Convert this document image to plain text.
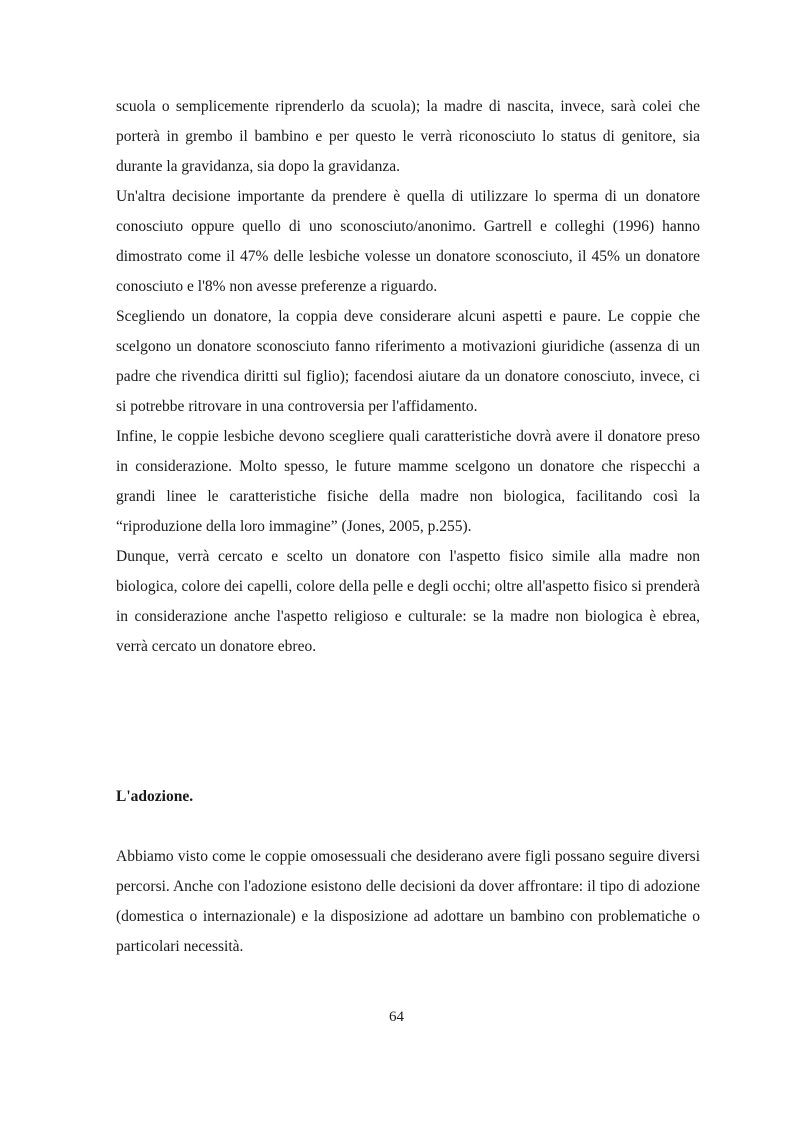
scuola o semplicemente riprenderlo da scuola); la madre di nascita, invece, sarà colei che porterà in grembo il bambino e per questo le verrà riconosciuto lo status di genitore, sia durante la gravidanza, sia dopo la gravidanza.

Un'altra decisione importante da prendere è quella di utilizzare lo sperma di un donatore conosciuto oppure quello di uno sconosciuto/anonimo. Gartrell e colleghi (1996) hanno dimostrato come il 47% delle lesbiche volesse un donatore sconosciuto, il 45% un donatore conosciuto e l'8% non avesse preferenze a riguardo.

Scegliendo un donatore, la coppia deve considerare alcuni aspetti e paure. Le coppie che scelgono un donatore sconosciuto fanno riferimento a motivazioni giuridiche (assenza di un padre che rivendica diritti sul figlio); facendosi aiutare da un donatore conosciuto, invece, ci si potrebbe ritrovare in una controversia per l'affidamento.

Infine, le coppie lesbiche devono scegliere quali caratteristiche dovrà avere il donatore preso in considerazione. Molto spesso, le future mamme scelgono un donatore che rispecchi a grandi linee le caratteristiche fisiche della madre non biologica, facilitando così la “riproduzione della loro immagine” (Jones, 2005, p.255).

Dunque, verrà cercato e scelto un donatore con l'aspetto fisico simile alla madre non biologica, colore dei capelli, colore della pelle e degli occhi; oltre all'aspetto fisico si prenderà in considerazione anche l'aspetto religioso e culturale: se la madre non biologica è ebrea, verrà cercato un donatore ebreo.

L'adozione.

Abbiamo visto come le coppie omosessuali che desiderano avere figli possano seguire diversi percorsi. Anche con l'adozione esistono delle decisioni da dover affrontare: il tipo di adozione (domestica o internazionale) e la disposizione ad adottare un bambino con problematiche o particolari necessità.

64
